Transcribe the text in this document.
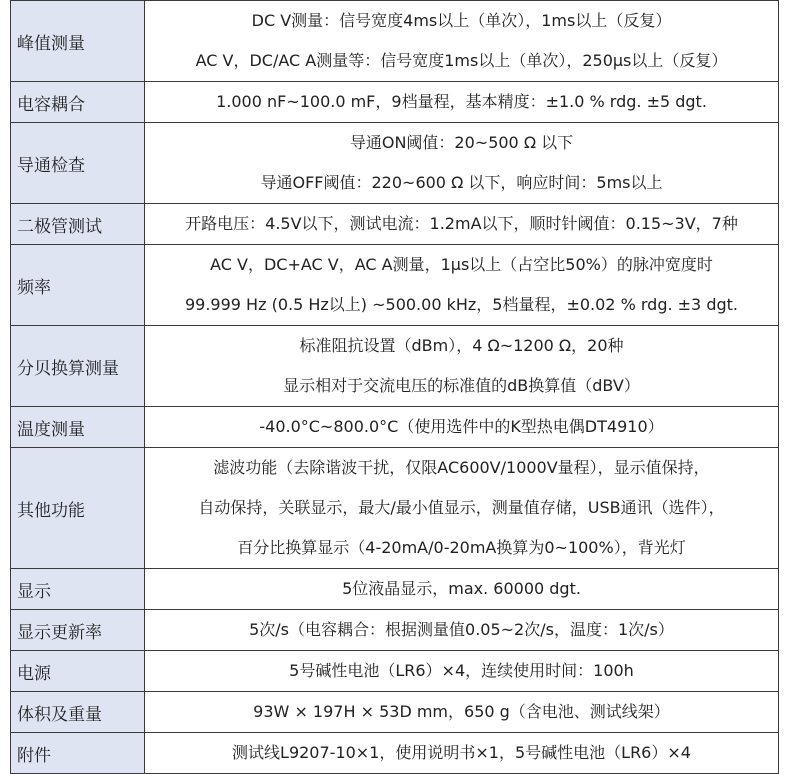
峰值测量	DC V测量：信号宽度4ms以上（单次），1ms以上（反复）
AC V，DC/AC A测量等：信号宽度1ms以上（单次），250μs以上（反复）

电容耦合	1.000 nF~100.0 mF，9档量程，基本精度：±1.0 % rdg. ±5 dgt.

导通检查	导通ON阈值：20~500 Ω 以下
导通OFF阈值：220~600 Ω 以下，响应时间：5ms以上

二极管测试	开路电压：4.5V以下，测试电流：1.2mA以下，顺时针阈值：0.15~3V，7种

频率	AC V，DC+AC V，AC A测量，1μs以上（占空比50%）的脉冲宽度时
99.999 Hz (0.5 Hz以上) ~500.00 kHz，5档量程，±0.02 % rdg. ±3 dgt.

分贝换算测量	标准阻抗设置（dBm），4 Ω~1200 Ω，20种
显示相对于交流电压的标准值的dB换算值（dBV）

温度测量	-40.0°C~800.0°C（使用选件中的K型热电偶DT4910）

其他功能	滤波功能（去除谐波干扰，仅限AC600V/1000V量程），显示值保持，
自动保持，关联显示，最大/最小值显示，测量值存储，USB通讯（选件），
百分比换算显示（4-20mA/0-20mA换算为0~100%），背光灯

显示	5位液晶显示，max. 60000 dgt.

显示更新率	5次/s（电容耦合：根据测量值0.05~2次/s，温度：1次/s）

电源	5号碱性电池（LR6）×4，连续使用时间：100h

体积及重量	93W × 197H × 53D mm，650 g（含电池、测试线架）

附件	测试线L9207-10×1，使用说明书×1，5号碱性电池（LR6）×4
